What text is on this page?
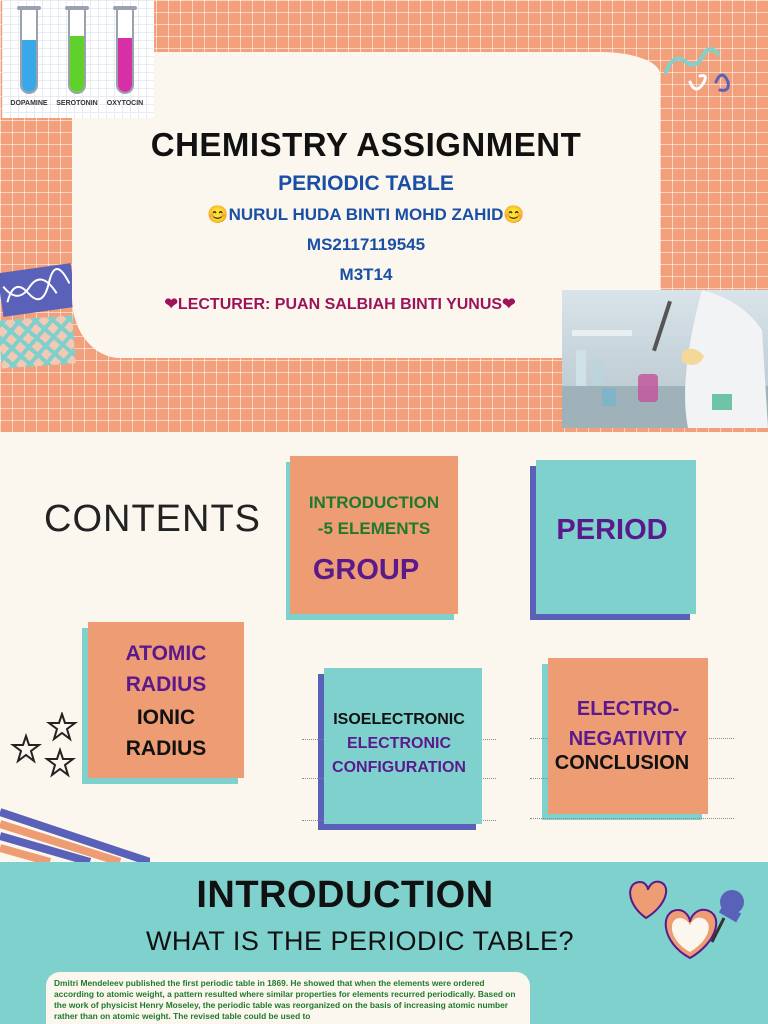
DOPAMINE	SEROTONIN	OXYTOCIN
CHEMISTRY ASSIGNMENT
PERIODIC TABLE
😊NURUL HUDA BINTI MOHD ZAHID😊
MS2117119545
M3T14
❤LECTURER: PUAN SALBIAH BINTI YUNUS❤
CONTENTS	INTRODUCTION
-5 ELEMENTS
GROUP
PERIOD
ATOMIC
RADIUS
IONIC
RADIUS
ISOELECTRONIC
ELECTRONIC
CONFIGURATION
ELECTRO-
NEGATIVITY
CONCLUSION
INTRODUCTION
WHAT IS THE PERIODIC TABLE?
Dmitri Mendeleev published the first periodic table in 1869. He showed that when the elements were ordered according to atomic weight, a pattern resulted where similar properties for elements recurred periodically. Based on the work of physicist Henry Moseley, the periodic table was reorganized on the basis of increasing atomic number rather than on atomic weight. The revised table could be used to
